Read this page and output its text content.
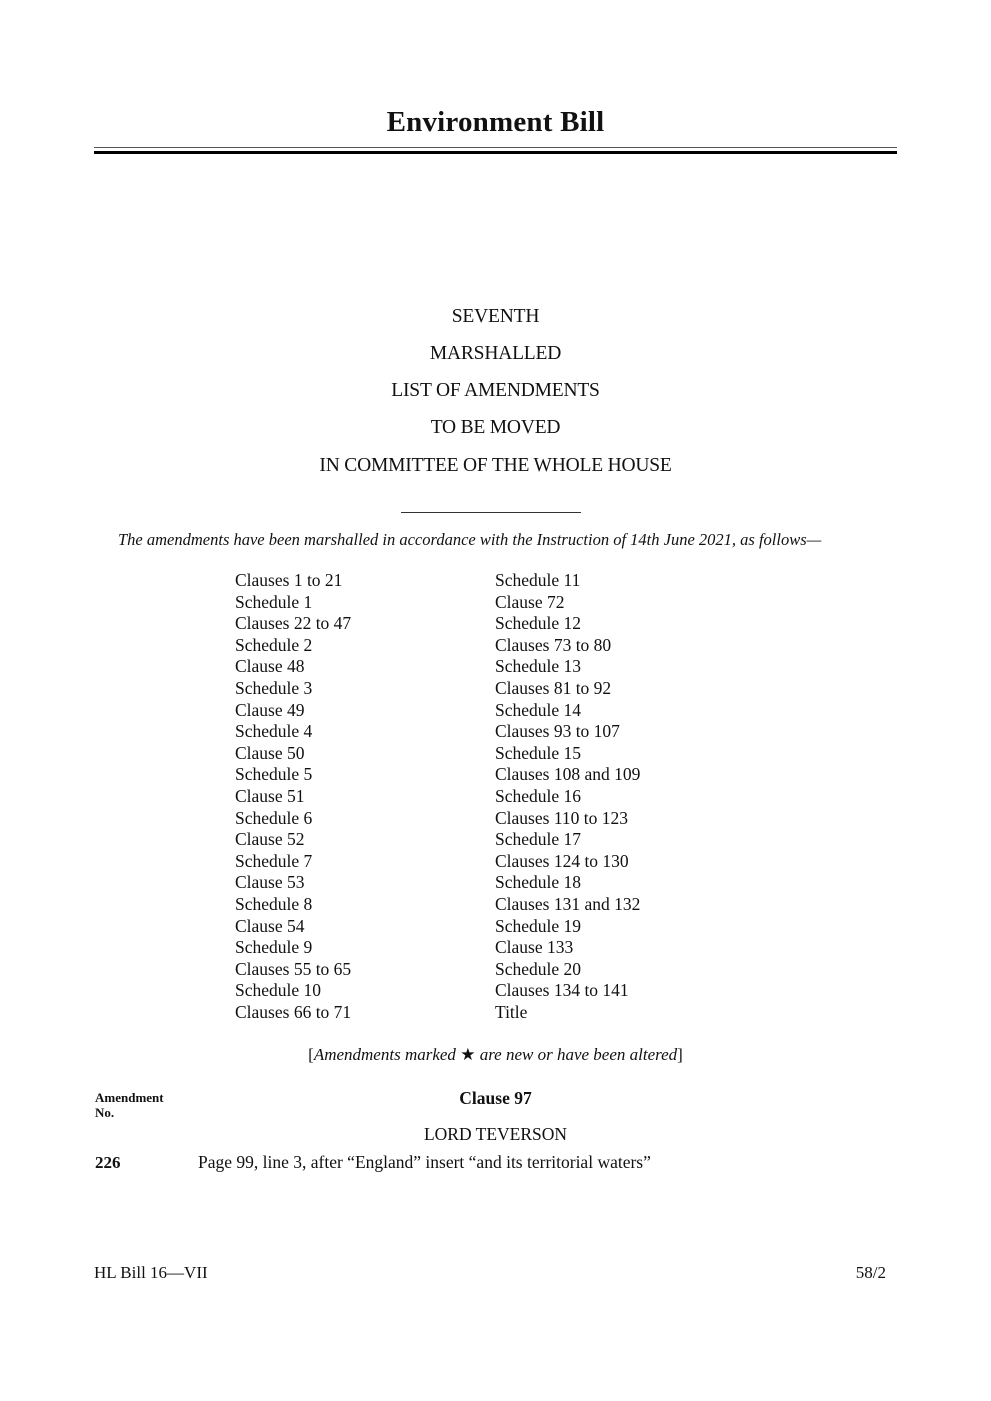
Environment Bill
SEVENTH
MARSHALLED
LIST OF AMENDMENTS
TO BE MOVED
IN COMMITTEE OF THE WHOLE HOUSE
The amendments have been marshalled in accordance with the Instruction of 14th June 2021, as follows—
Clauses 1 to 21
Schedule 1
Clauses 22 to 47
Schedule 2
Clause 48
Schedule 3
Clause 49
Schedule 4
Clause 50
Schedule 5
Clause 51
Schedule 6
Clause 52
Schedule 7
Clause 53
Schedule 8
Clause 54
Schedule 9
Clauses 55 to 65
Schedule 10
Clauses 66 to 71
Schedule 11
Clause 72
Schedule 12
Clauses 73 to 80
Schedule 13
Clauses 81 to 92
Schedule 14
Clauses 93 to 107
Schedule 15
Clauses 108 and 109
Schedule 16
Clauses 110 to 123
Schedule 17
Clauses 124 to 130
Schedule 18
Clauses 131 and 132
Schedule 19
Clause 133
Schedule 20
Clauses 134 to 141
Title
[Amendments marked ★ are new or have been altered]
Amendment
No.
Clause 97
LORD TEVERSON
226	Page 99, line 3, after “England” insert “and its territorial waters”
HL Bill 16—VII	58/2
